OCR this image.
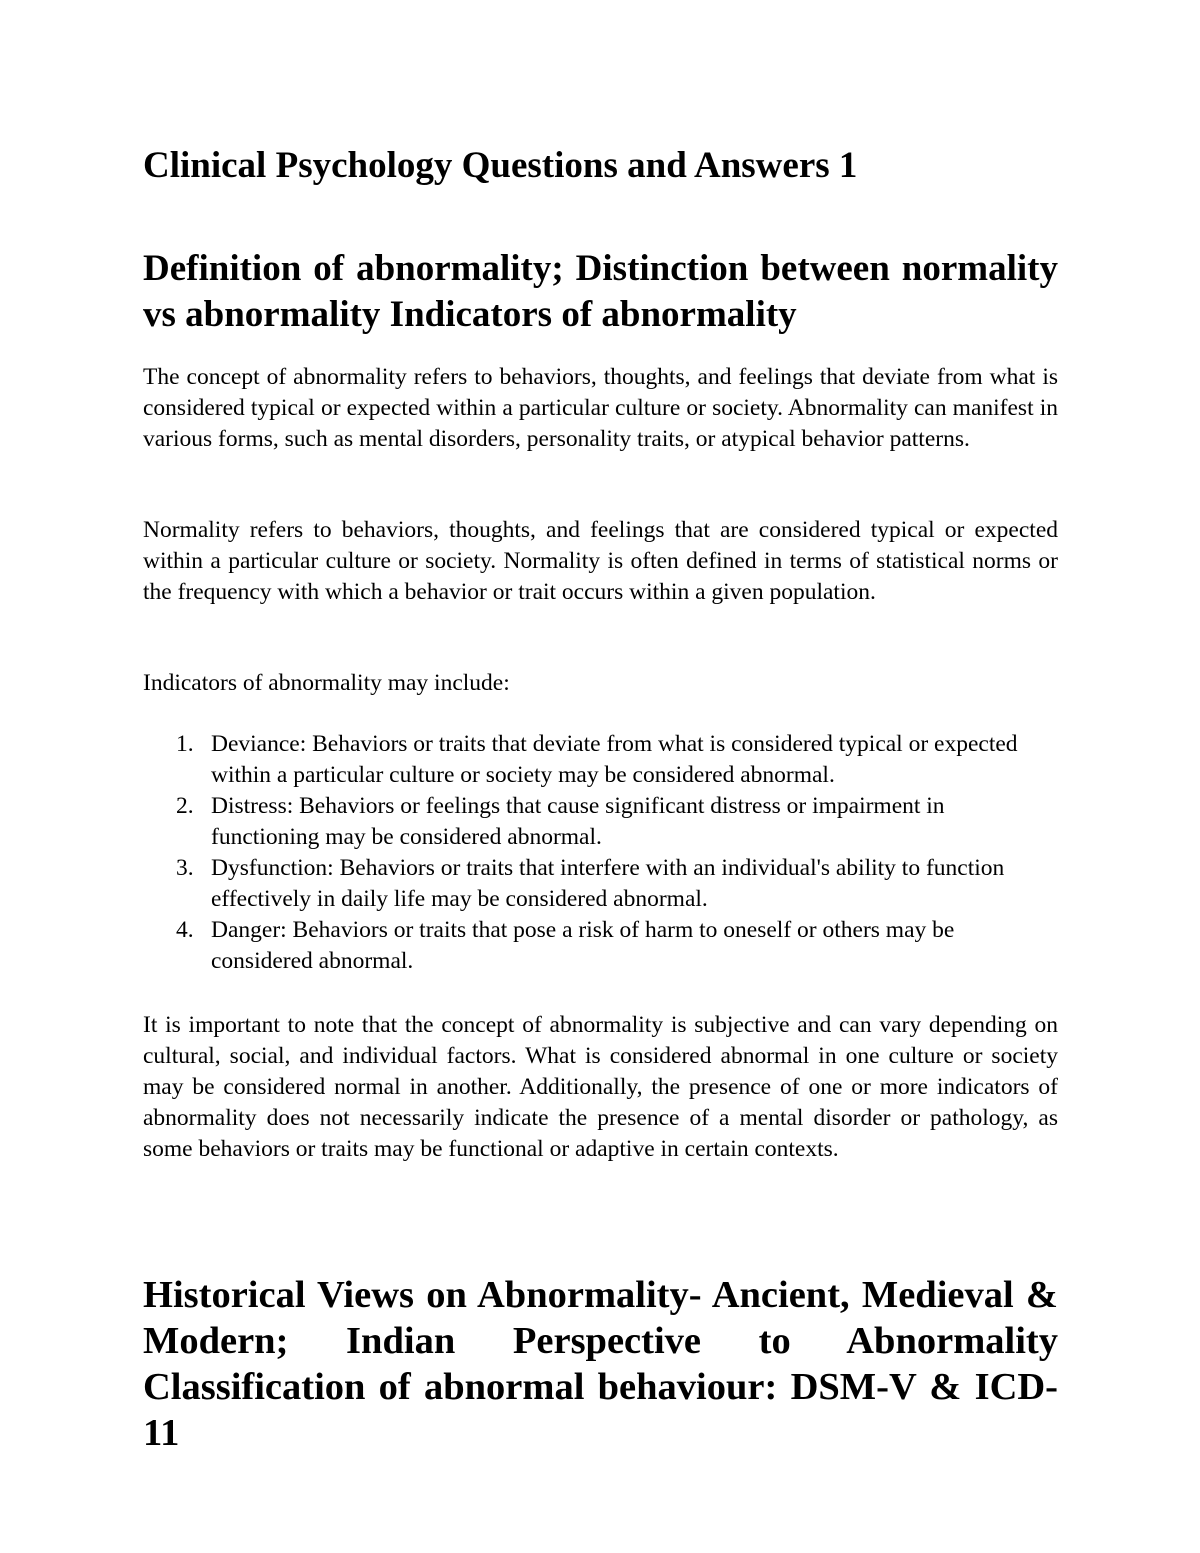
Clinical Psychology Questions and Answers 1
Definition of abnormality; Distinction between normality vs abnormality Indicators of abnormality

The concept of abnormality refers to behaviors, thoughts, and feelings that deviate from what is considered typical or expected within a particular culture or society. Abnormality can manifest in various forms, such as mental disorders, personality traits, or atypical behavior patterns.

Normality refers to behaviors, thoughts, and feelings that are considered typical or expected within a particular culture or society. Normality is often defined in terms of statistical norms or the frequency with which a behavior or trait occurs within a given population.

Indicators of abnormality may include:

1. Deviance: Behaviors or traits that deviate from what is considered typical or expected within a particular culture or society may be considered abnormal.
2. Distress: Behaviors or feelings that cause significant distress or impairment in functioning may be considered abnormal.
3. Dysfunction: Behaviors or traits that interfere with an individual's ability to function effectively in daily life may be considered abnormal.
4. Danger: Behaviors or traits that pose a risk of harm to oneself or others may be considered abnormal.

It is important to note that the concept of abnormality is subjective and can vary depending on cultural, social, and individual factors. What is considered abnormal in one culture or society may be considered normal in another. Additionally, the presence of one or more indicators of abnormality does not necessarily indicate the presence of a mental disorder or pathology, as some behaviors or traits may be functional or adaptive in certain contexts.

Historical Views on Abnormality- Ancient, Medieval & Modern; Indian Perspective to Abnormality Classification of abnormal behaviour: DSM-V & ICD-11
